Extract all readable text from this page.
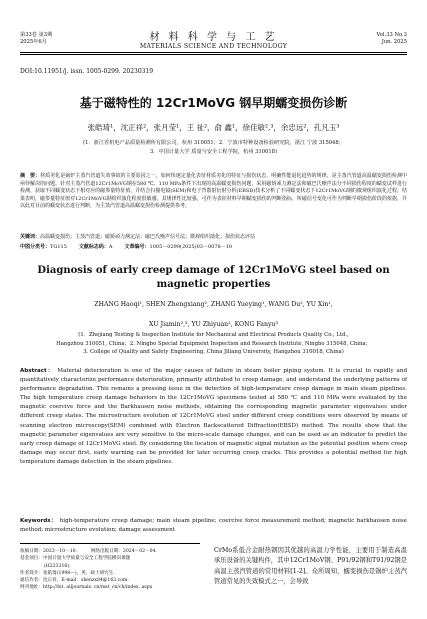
第33卷 第3期
2025年6月	材 料 科 学 与 工 艺
MATERIALS SCIENCE AND TECHNOLOGY
Vol.33 No.3
Jun. 2025
DOI:10.11951/j. issn. 1005-0299. 20230319
基于磁特性的 12Cr1MoVG 钢早期蠕变损伤诊断
张皓琦¹，沈正祥²，张月莹¹，王 祉²，俞 鑫¹，徐佳敏²,³，余忠远²，孔凡玉³
(1．浙江省机电产品质量检测所有限公司，杭州 310051；2．宁波市特种设备检验研究院，浙江 宁波 315048；
3．中国计量大学 质量与安全工程学院，杭州 310018)
摘　要：材质劣化是锅炉主蒸汽管道失效事故的主要原因之一，如何快速定量化表征材质劣化的特征与损伤状态，明确性能退化趋势的规律，是主蒸汽管道高温蠕变损伤检测中亟待解决的问题。针对主蒸汽管道12Cr1MoVG钢在580 ℃、110 MPa条件下出现的高温蠕变损伤问题，采用磁矫顽力测定法和磁巴氏噪声法分不同损伤程度的蠕变试样进行检测，获取不同蠕变状态下相对应的磁参量特征值，并结合扫描电镜(SEM)和电子背散射衍射分析(EBSD)技术分析了不同蠕变状态下12Cr1MoVG钢的微观组织演化过程，结果表明，磁参量特征值对12Cr1MoVG钢组织演化程度很敏感，其规律性比较强，可作为表征材料早期蠕变损伤的判断指标，所磁信号变化可作为判断早期损伤阶段的依据，并以此对目前的蠕变状态进行判断，为主蒸汽管道高温蠕变损伤检测提供参考。
关键词：高温蠕变损伤；主蒸汽管道；磁矫顽力测定法；磁巴氏噪声信号法；微观组织演化；损伤状态评估
中图分类号：TG115 文献标志码：A 文章编号：1005－0299(2025)03－0078－10
Diagnosis of early creep damage of 12Cr1MoVG steel based on magnetic properties
ZHANG Haoqi¹, SHEN Zhengxiang², ZHANG Yueying¹, WANG Du², YU Xin¹,
XU Jiamin²,³, YU Zhiyuan², KONG Fanyu³
(1．Zhejiang Testing & Inspection Institute for Mechanical and Electrical Products Quality Co., Ltd.,
Hangzhou 310051, China；2. Ningbo Special Equipment Inspection and Research Institute, Ningbo 315048, China；
3. College of Quality and Safety Engineering, China Jiliang University, Hangzhou 310018, China)
Abstract： Material deterioration is one of the major causes of failure in steam boiler piping system. It is crucial to rapidly and quantitatively characterize performance deterioration, primarily attributed to creep damage, and understand the underlying patterns of performance degradation. This remains a pressing issue in the detection of high-temperature creep damage in main steam pipelines. The high temperature creep damage behaviors in the 12Cr1MoVG specimens tested at 580 ℃ and 110 MPa were evaluated by the magnetic coercive force and the Barkhausen noise methods, obtaining the corresponding magnetic parameter eigenvalues under different creep states. The microstructure evolution of 12Cr1MoVG steel under different creep conditions were observed by means of scanning electron microscopy(SEM) combined with Electron Backscattered Diffraction(EBSD) method. The results show that the magnetic parameter eigenvalues are very sensitive to the micro-scale damage changes, and can be used as an indicator to predict the early creep damage of 12Cr1MoVG steel. By considering the location of magnetic signal mutation as the potential position where creep damage may occur first, early warning can be provided for later occurring creep cracks. This provides a potential method for high temperature damage detection in the steam pipelines.
Keywords： high-temperature creep damage; main steam pipeline; coercive force measurement method; magnetic barkhausen noise method; microstructure evolution; damage assessment
收稿日期：2023－10－10.　　　网络出版日期：2024－02－04.
基金项目：中国计量大学质量与安全工程学院横向课题
(H223316).
作者简介：张皓琦(1998—)，男，硕士研究生.
通信作者：沈正祥，E-mail：shenzx84@163.com.
网刊地址：http://hit. alljournals. cn/mst_cn/ch/index. aspx
CrMo系低合金耐热钢因其优越的高温力学性能，主要用于制造高温承压设备的关键构件，其中12Cr1MoV钢、P91/92钢和T91/92钢是高温主蒸汽管道的常用材料[1-2]。众所周知，蠕变损伤是锅炉主蒸汽管道常见的失效模式之一，会导致
